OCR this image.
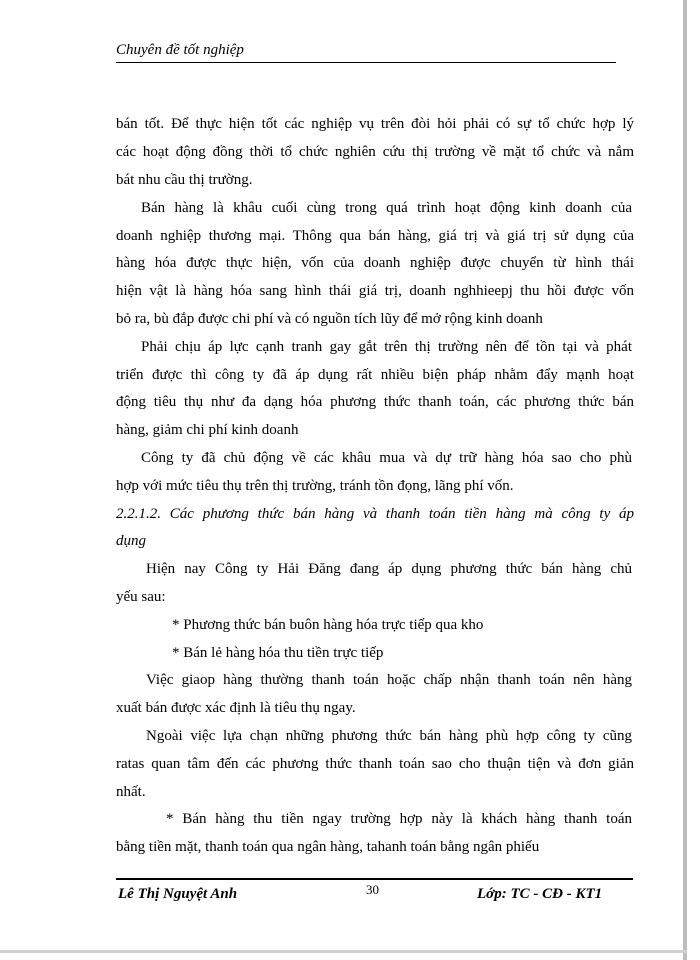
Chuyên đề tốt nghiệp
bán tốt. Để thực hiện tốt các nghiệp vụ trên đòi hỏi phải có sự tổ chức hợp lý
các hoạt động đồng thời tổ chức nghiên cứu thị trường về mặt tổ chức và nắm
bát nhu cầu thị trường.
Bán hàng là khâu cuối cùng trong quá trình hoạt động kinh doanh của
doanh nghiệp thương mại. Thông qua bán hàng, giá trị và giá trị sử dụng của
hàng hóa được thực hiện, vốn của doanh nghiệp được chuyển từ hình thái
hiện vật là hàng hóa sang hình thái giá trị, doanh nghhieepj thu hồi được vốn
bỏ ra, bù đắp được chi phí và có nguồn tích lũy để mở rộng kinh doanh
Phải chịu áp lực cạnh tranh gay gắt trên thị trường nên để tồn tại và phát
triển được thì công ty đã áp dụng rất nhiều biện pháp nhằm đẩy mạnh hoạt
động tiêu thụ như đa dạng hóa phương thức thanh toán, các phương thức bán
hàng, giảm chi phí kinh doanh
Công ty đã chủ động về các khâu mua và dự trữ hàng hóa sao cho phù
hợp với mức tiêu thụ trên thị trường, tránh tồn đọng, lãng phí vốn.
2.2.1.2. Các phương thức bán hàng và thanh toán tiền hàng mà công ty áp
dụng
Hiện nay Công ty Hải Đăng đang áp dụng phương thức bán hàng chủ
yếu sau:
* Phương thức bán buôn hàng hóa trực tiếp qua kho
* Bán lẻ hàng hóa thu tiền trực tiếp
Việc giaop hàng thường thanh toán hoặc chấp nhận thanh toán nên hàng
xuất bán được xác định là tiêu thụ ngay.
Ngoài việc lựa chạn những phương thức bán hàng phù hợp công ty cũng
ratas quan tâm đến các phương thức thanh toán sao cho thuận tiện và đơn giản
nhất.
* Bán hàng thu tiền ngay trường hợp này là khách hàng thanh toán
bằng tiền mặt, thanh toán qua ngân hàng, tahanh toán bằng ngân phiếu
Lê Thị Nguyệt Anh	30	Lớp: TC - CĐ - KT1
